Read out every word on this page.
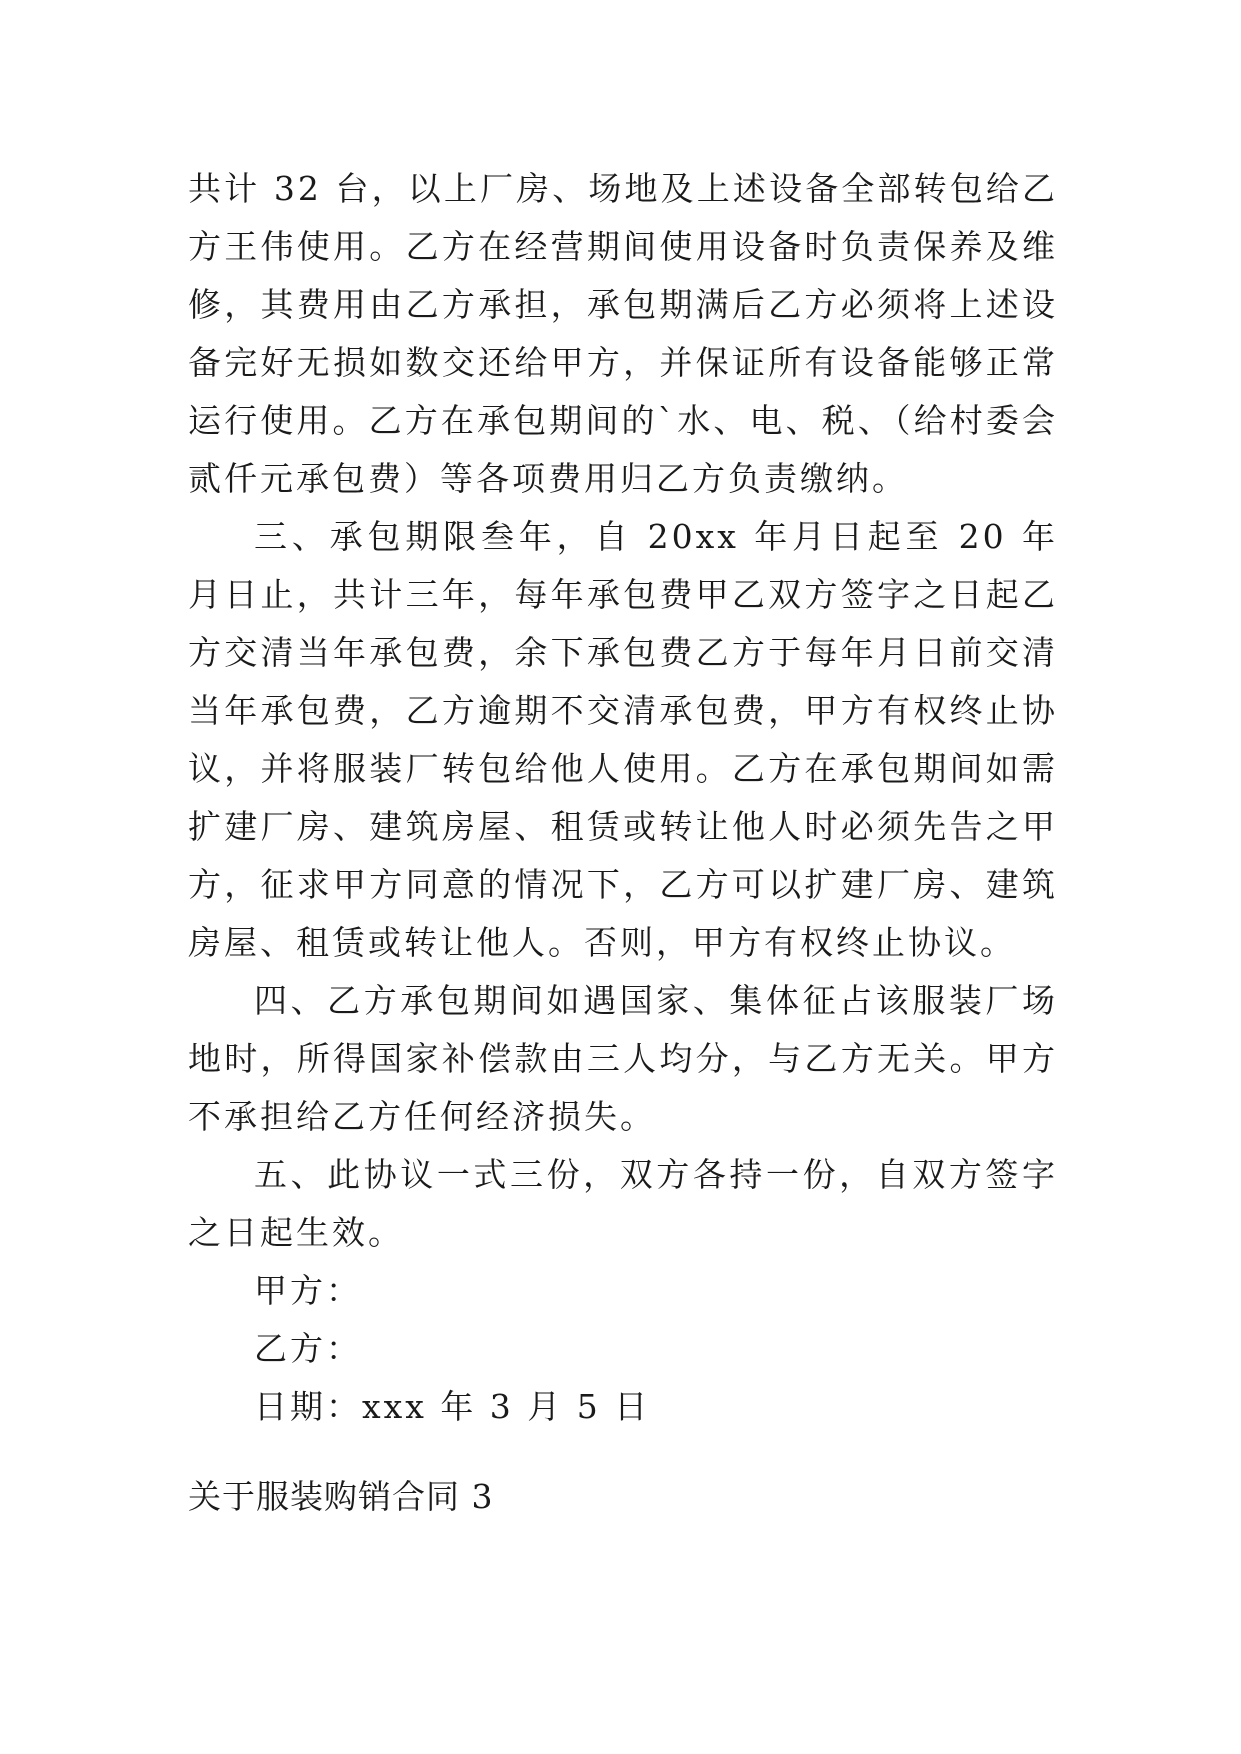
共计 32 台，以上厂房、场地及上述设备全部转包给乙方王伟使用。乙方在经营期间使用设备时负责保养及维修，其费用由乙方承担，承包期满后乙方必须将上述设备完好无损如数交还给甲方，并保证所有设备能够正常运行使用。乙方在承包期间的`水、电、税、（给村委会贰仟元承包费）等各项费用归乙方负责缴纳。

三、承包期限叁年，自 20xx 年月日起至 20 年月日止，共计三年，每年承包费甲乙双方签字之日起乙方交清当年承包费，余下承包费乙方于每年月日前交清当年承包费，乙方逾期不交清承包费，甲方有权终止协议，并将服装厂转包给他人使用。乙方在承包期间如需扩建厂房、建筑房屋、租赁或转让他人时必须先告之甲方，征求甲方同意的情况下，乙方可以扩建厂房、建筑房屋、租赁或转让他人。否则，甲方有权终止协议。

四、乙方承包期间如遇国家、集体征占该服装厂场地时，所得国家补偿款由三人均分，与乙方无关。甲方不承担给乙方任何经济损失。

五、此协议一式三份，双方各持一份，自双方签字之日起生效。

甲方：

乙方：

日期：xxx 年 3 月 5 日

关于服装购销合同 3
